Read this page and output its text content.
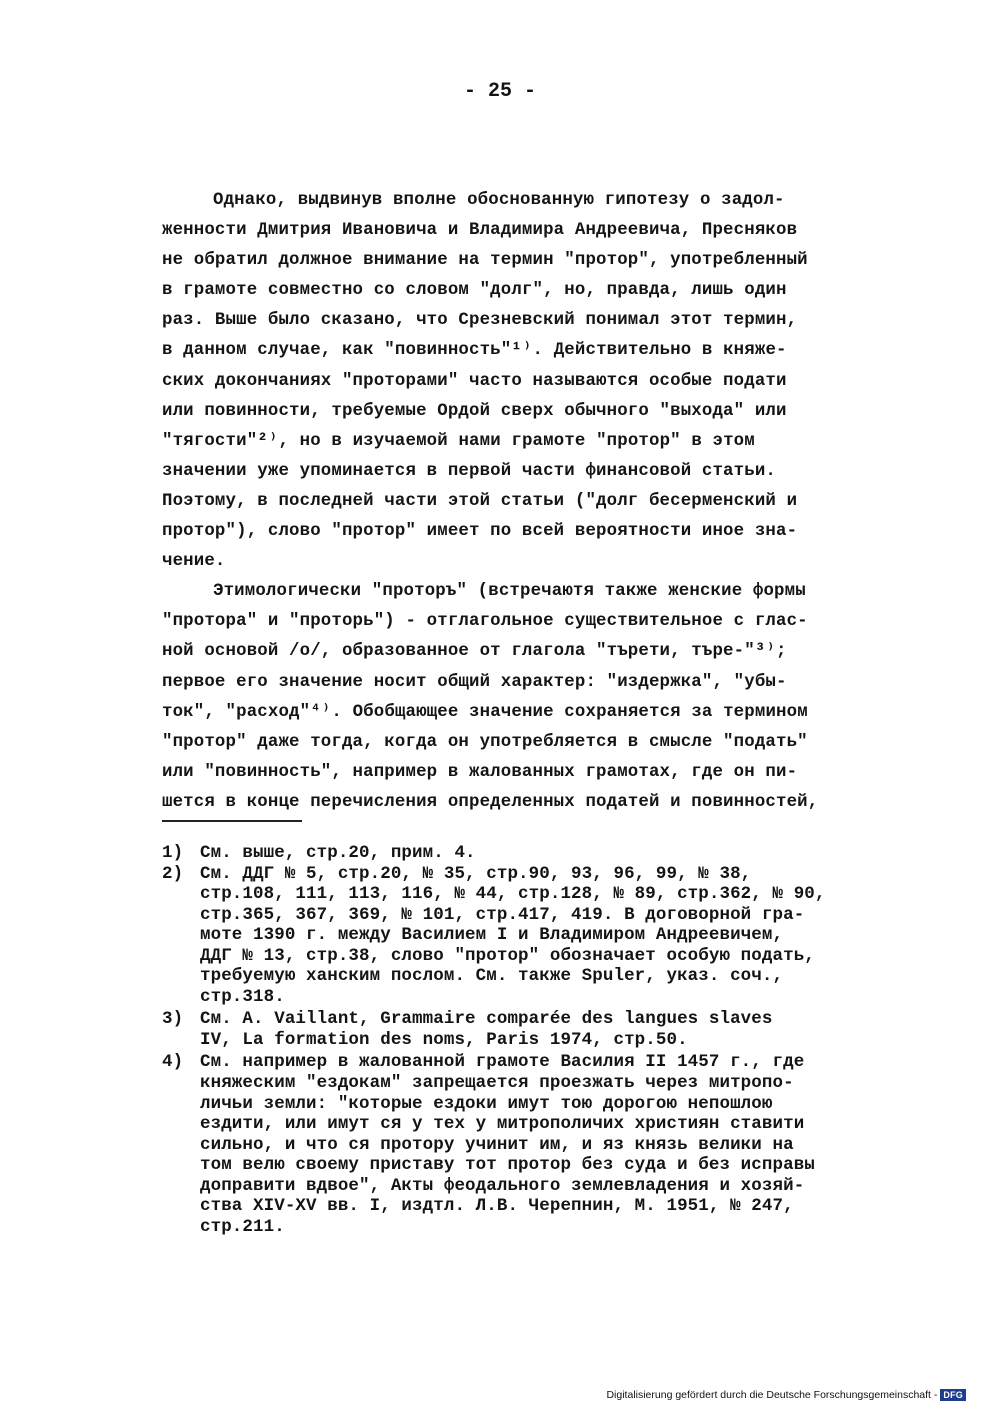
- 25 -
Однако, выдвинув вполне обоснованную гипотезу о задол-
женности Дмитрия Ивановича и Владимира Андреевича, Пресняков
не обратил должное внимание на термин "протор", употребленный
в грамоте совместно со словом "долг", но, правда, лишь один
раз. Выше было сказано, что Срезневский понимал этот термин,
в данном случае, как "повинность"¹⁾. Действительно в княже-
ских докончаниях "проторами" часто называются особые подати
или повинности, требуемые Ордой сверх обычного "выхода" или
"тягости"²⁾, но в изучаемой нами грамоте "протор" в этом
значении уже упоминается в первой части финансовой статьи.
Поэтому, в последней части этой статьи ("долг бесерменский и
протор"), слово "протор" имеет по всей вероятности иное зна-
чение.
Этимологически "проторъ" (встречаютя также женские формы
"протора" и "проторь") - отглагольное существительное с глас-
ной основой /o/, образованное от глагола "търети, търе-"³⁾;
первое его значение носит общий характер: "издержка", "убы-
ток", "расход"⁴⁾. Обобщающее значение сохраняется за термином
"протор" даже тогда, когда он употребляется в смысле "подать"
или "повинность", например в жалованных грамотах, где он пи-
шется в конце перечисления определенных податей и повинностей,
1) См. выше, стр.20, прим. 4.
2) См. ДДГ № 5, стр.20, № 35, стр.90, 93, 96, 99, № 38,
стр.108, 111, 113, 116, № 44, стр.128, № 89, стр.362, № 90,
стр.365, 367, 369, № 101, стр.417, 419. В договорной гра-
моте 1390 г. между Василием I и Владимиром Андреевичем,
ДДГ № 13, стр.38, слово "протор" обозначает особую подать,
требуемую ханским послом. См. также Spuler, указ. соч.,
стр.318.
3) См. A. Vaillant, Grammaire comparée des langues slaves
IV, La formation des noms, Paris 1974, стр.50.
4) См. например в жалованной грамоте Василия II 1457 г., где
княжеским "ездокам" запрещается проезжать через митропо-
личьи земли: "которые ездоки имут тою дорогою непошлою
ездити, или имут ся у тех у митрополичих християн ставити
сильно, и что ся протору учинит им, и яз князь велики на
том велю своему приставу тот протор без суда и без исправы
доправити вдвое", Акты феодального землевладения и хозяй-
ства XIV-XV вв. I, издтл. Л.В. Черепнин, М. 1951, № 247,
стр.211.
Digitalisierung gefördert durch die Deutsche Forschungsgemeinschaft - DFG
